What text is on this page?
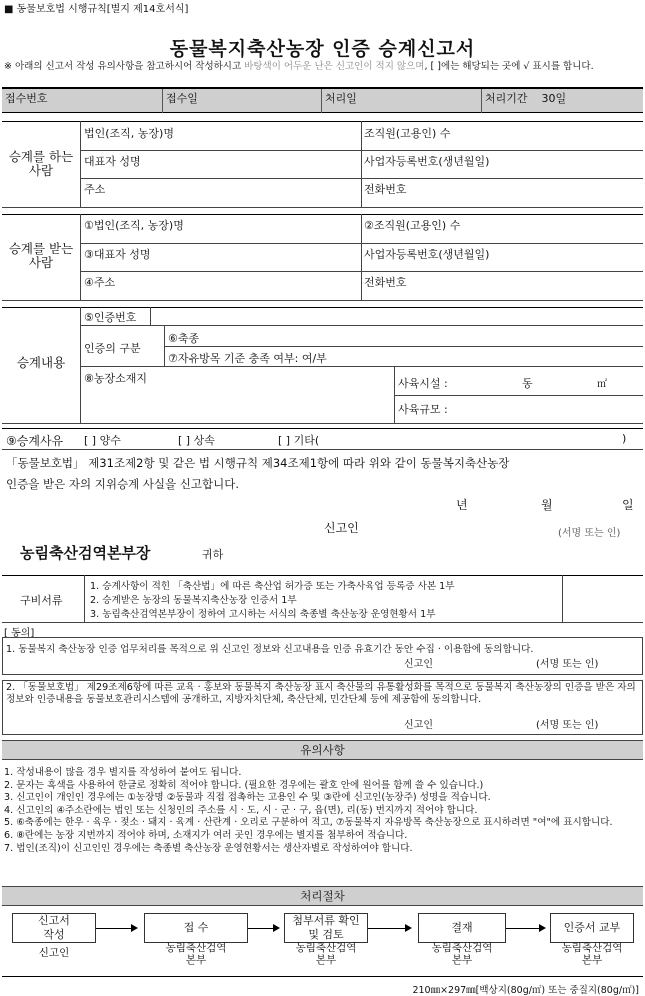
■ 동물보호법 시행규칙[별지 제14호서식]
동물복지축산농장 인증 승계신고서
※ 아래의 신고서 작성 유의사항을 참고하시어 작성하시고 바탕색이 어두운 난은 신고인이 적지 않으며, [ ]에는 해당되는 곳에 √ 표시를 합니다.
접수번호	접수일	처리일	처리기간 30일
승계를 하는 사람
법인(조직, 농장)명	조직원(고용인) 수
대표자 성명	사업자등록번호(생년월일)
주소	전화번호
승계를 받는 사람
①법인(조직, 농장)명	②조직원(고용인) 수
③대표자 성명	사업자등록번호(생년월일)
④주소	전화번호
승계내용
⑤인증번호
인증의 구분
⑥축종
⑦자유방목 기준 충족 여부: 여/부
⑧농장소재지	사육시설 :	동	㎡
사육규모 :
⑨승계사유 [ ] 양수	[ ] 상속	[ ] 기타(	)
「동물보호법」 제31조제2항 및 같은 법 시행규칙 제34조제1항에 따라 위와 같이 동물복지축산농장
인증을 받은 자의 지위승계 사실을 신고합니다.
년	월	일
신고인	(서명 또는 인)
농림축산검역본부장	귀하
구비서류
1. 승계사항이 적힌 「축산법」에 따른 축산업 허가증 또는 가축사육업 등록증 사본 1부
2. 승계받은 농장의 동물복지축산농장 인증서 1부
3. 농림축산검역본부장이 정하여 고시하는 서식의 축종별 축산농장 운영현황서 1부
[ 동의]
1. 동물복지 축산농장 인증 업무처리를 목적으로 위 신고인 정보와 신고내용을 인증 유효기간 동안 수집 · 이용함에 동의합니다.
신고인	(서명 또는 인)
2. 「동물보호법」 제29조제6항에 따른 교육 · 홍보와 동물복지 축산농장 표시 축산물의 유통활성화를 목적으로 동물복지 축산농장의 인증을 받은 자의 정보와 인증내용을 동물보호관리시스템에 공개하고, 지방자치단체, 축산단체, 민간단체 등에 제공함에 동의합니다.
신고인	(서명 또는 인)
유의사항
1. 작성내용이 많을 경우 별지를 작성하여 붙여도 됩니다.
2. 문자는 흑색을 사용하여 한글로 정확히 적어야 합니다. (필요한 경우에는 괄호 안에 원어를 함께 쓸 수 있습니다.)
3. 신고인이 개인인 경우에는 ①농장명 ②동물과 직접 접촉하는 고용인 수 및 ③란에 신고인(농장주) 성명을 적습니다.
4. 신고인의 ④주소란에는 법인 또는 신청인의 주소를 시 · 도, 시 · 군 · 구, 읍(면), 리(동) 번지까지 적어야 합니다.
5. ⑥축종에는 한우 · 육우 · 젖소 · 돼지 · 육계 · 산란계 · 오리로 구분하여 적고, ⑦동물복지 자유방목 축산농장으로 표시하려면 "여"에 표시합니다.
6. ⑧란에는 농장 지번까지 적어야 하며, 소재지가 여러 곳인 경우에는 별지를 첨부하여 적습니다.
7. 법인(조직)이 신고인인 경우에는 축종별 축산농장 운영현황서는 생산자별로 작성하여야 합니다.
처리절차
신고서
작성
접 수
첨부서류 확인
및 검토
결재	인증서 교부
신고인	농림축산검역
본부
농림축산검역
본부
농림축산검역
본부
농림축산검역
본부
210㎜×297㎜[백상지(80g/㎡) 또는 중질지(80g/㎡)]
